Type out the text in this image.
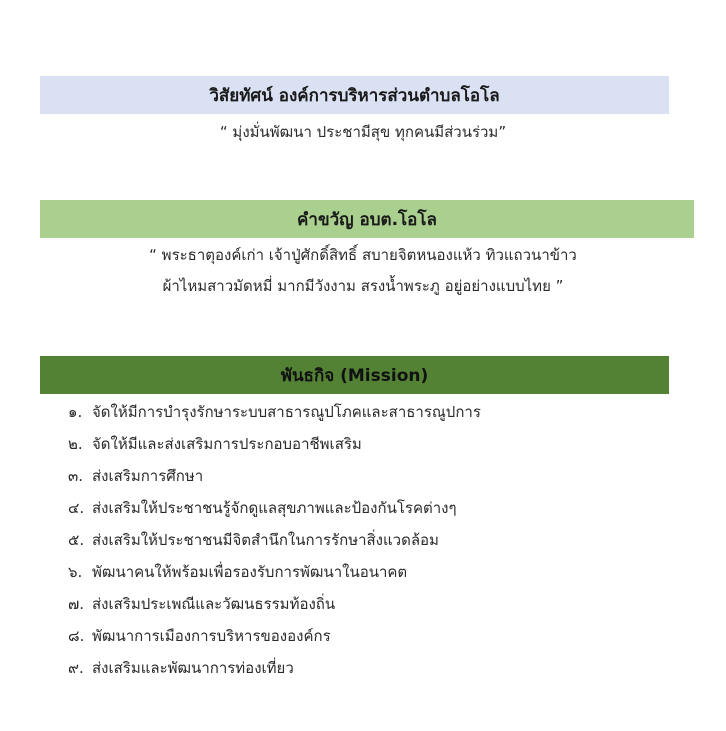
วิสัยทัศน์ องค์การบริหารส่วนตำบลโอโล
“ มุ่งมั่นพัฒนา ประชามีสุข ทุกคนมีส่วนร่วม”
คำขวัญ อบต.โอโล
“ พระธาตุองค์เก่า เจ้าปู่ศักดิ์สิทธิ์ สบายจิตหนองแห้ว ทิวแถวนาข้าว
ผ้าไหมสาวมัดหมี่ มากมีวังงาม สรงน้ำพระภู อยู่อย่างแบบไทย ”
พันธกิจ (Mission)
๑. จัดให้มีการบำรุงรักษาระบบสาธารณูปโภคและสาธารณูปการ
๒. จัดให้มีและส่งเสริมการประกอบอาชีพเสริม
๓. ส่งเสริมการศึกษา
๔. ส่งเสริมให้ประชาชนรู้จักดูแลสุขภาพและป้องกันโรคต่างๆ
๕. ส่งเสริมให้ประชาชนมีจิตสำนึกในการรักษาสิ่งแวดล้อม
๖. พัฒนาคนให้พร้อมเพื่อรองรับการพัฒนาในอนาคต
๗. ส่งเสริมประเพณีและวัฒนธรรมท้องถิ่น
๘. พัฒนาการเมืองการบริหารขององค์กร
๙. ส่งเสริมและพัฒนาการท่องเที่ยว
